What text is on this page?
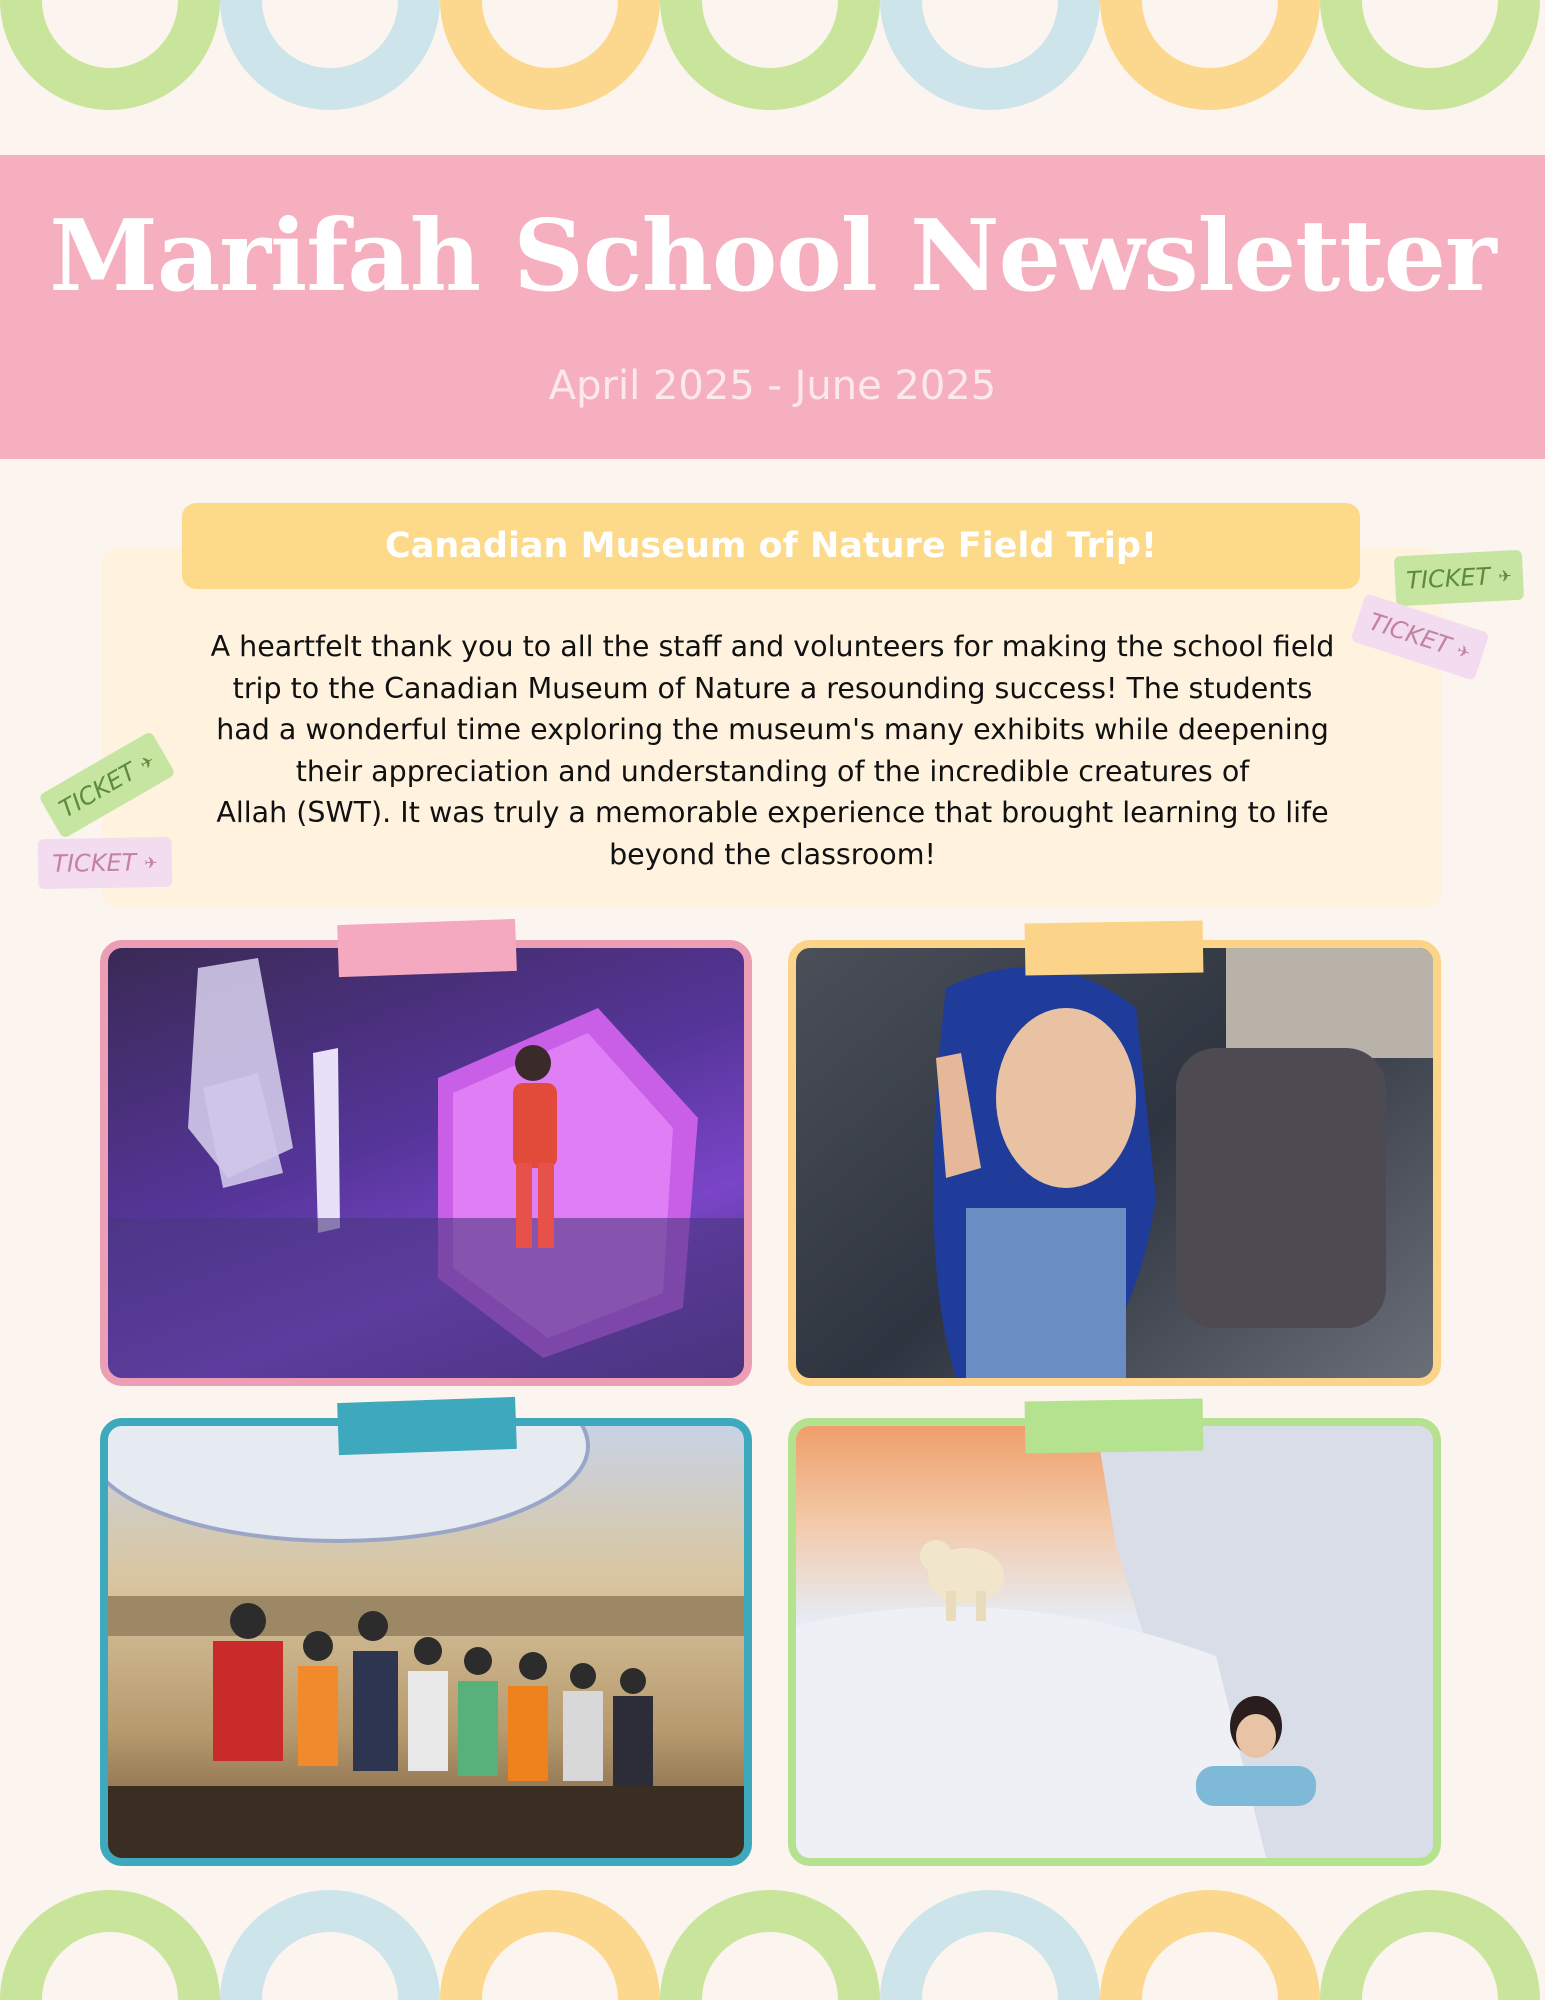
Marifah School Newsletter
April 2025 - June 2025
Canadian Museum of Nature Field Trip!
A heartfelt thank you to all the staff and volunteers for making the school field
trip to the Canadian Museum of Nature a resounding success! The students
had a wonderful time exploring the museum's many exhibits while deepening
their appreciation and understanding of the incredible creatures of
Allah (SWT). It was truly a memorable experience that brought learning to life
beyond the classroom!
TICKET ✈
TICKET ✈
TICKET
✈
TICKET ✈
